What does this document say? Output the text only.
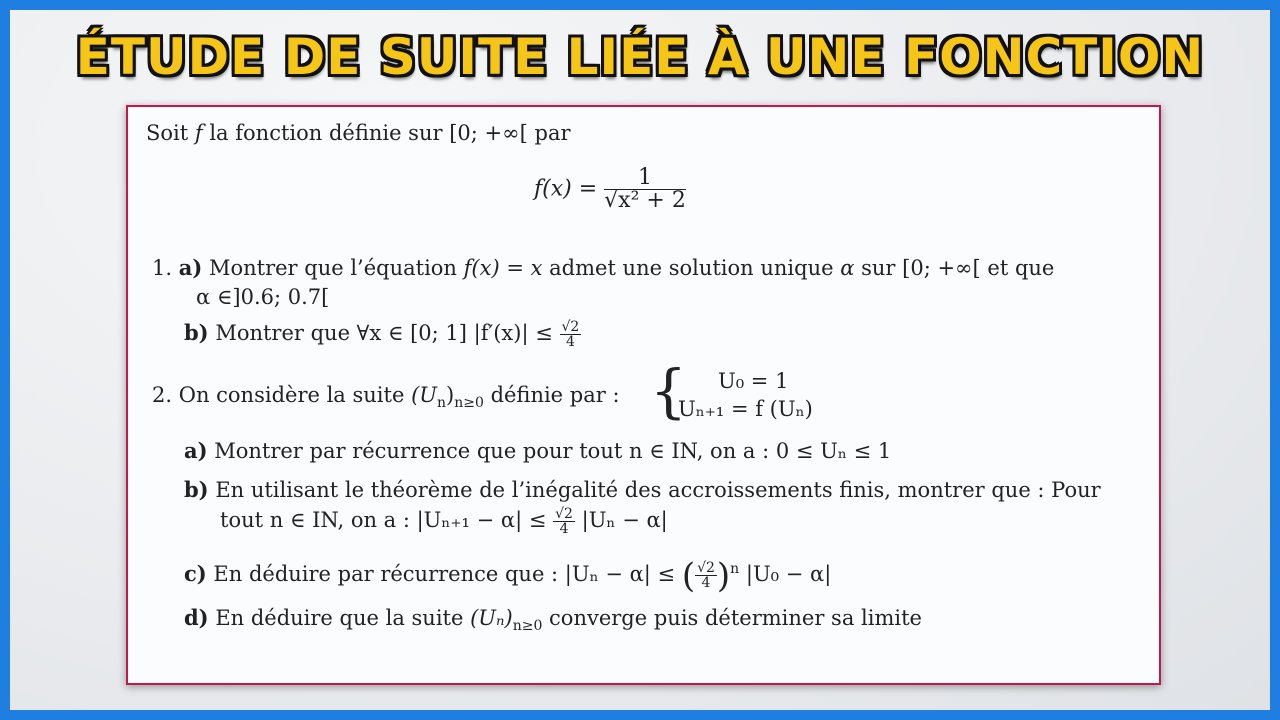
ÉTUDE DE SUITE LIÉE À UNE FONCTION
Soit f la fonction définie sur [0; +∞[ par
$f(x) = \frac{1}{\text{√x² + 2}}$
1. a) Montrer que l’équation f(x) = x admet une solution unique α sur [0; +∞[ et que
α ∈]0.6; 0.7[
b) Montrer que ∀x ∈ [0; 1] $|f'(x)| \le \frac{√2}{4}$
2. On considère la suite $(U_n)_{n\ge 0}$ définie par : { U₀ = 1
Uₙ₊₁ = f (Uₙ)
a) Montrer par récurrence que pour tout n ∈ IN, on a : 0 ≤ Uₙ ≤ 1
b) En utilisant le théorème de l’inégalité des accroissements finis, montrer que : Pour
tout n ∈ IN, on a : $|U_{n+1} - \alpha| \le \frac{√2}{4} |U_n - \alpha|$
c) En déduire par récurrence que : |Uₙ − α| ≤ ( $\frac{√2}{4} )^n$ |U₀ − α|
d) En déduire que la suite $(U_n)_{n\ge 0}$ converge puis déterminer sa limite
